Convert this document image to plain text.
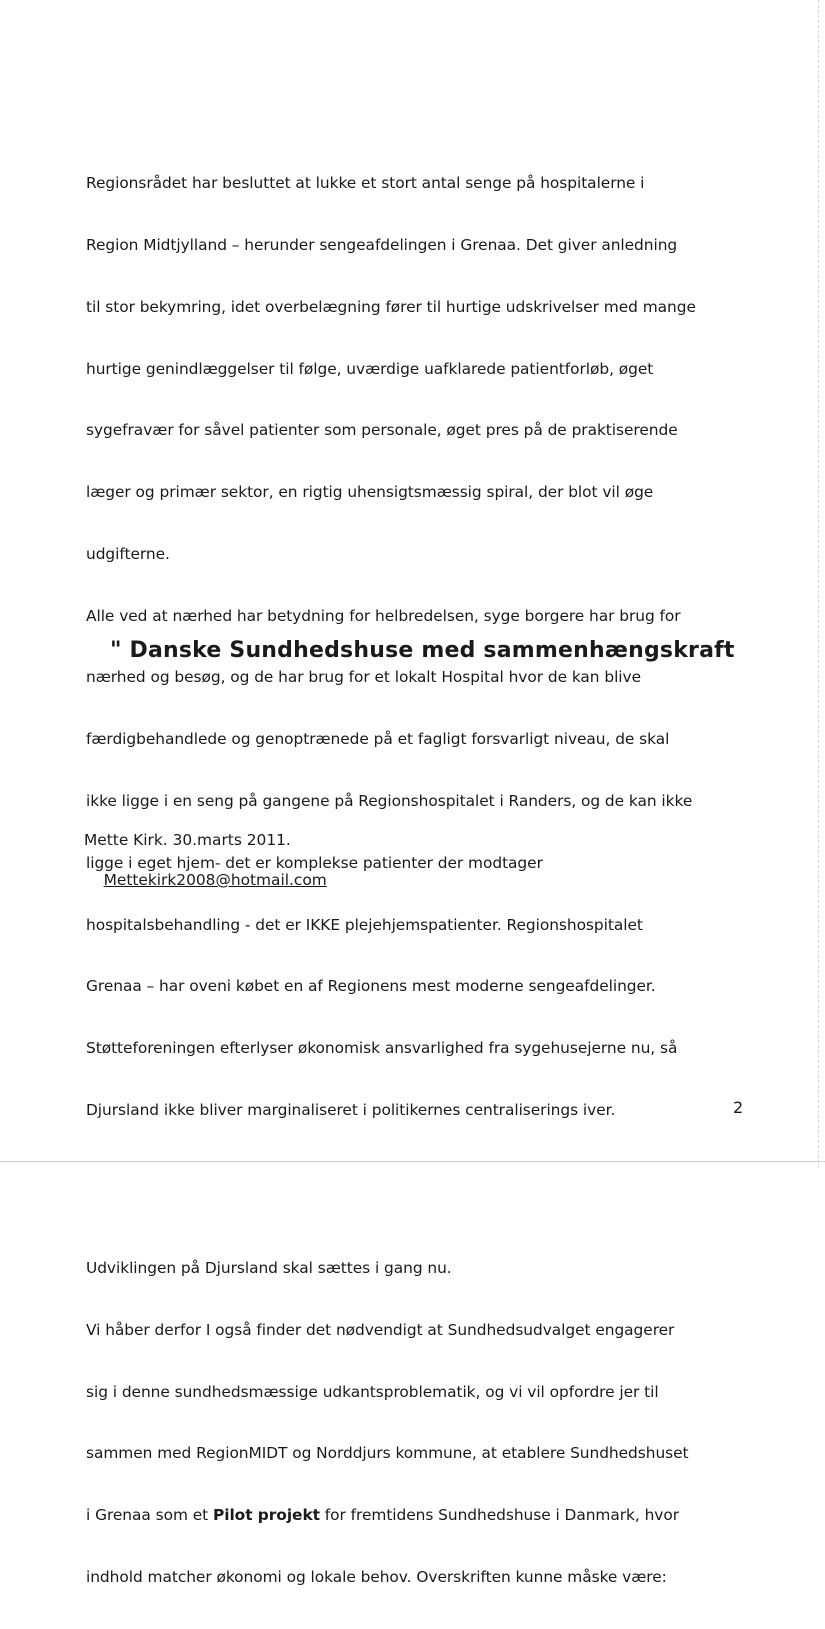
Regionsrådet har besluttet at lukke et stort antal senge på hospitalerne i

Region Midtjylland – herunder sengeafdelingen i Grenaa. Det giver anledning

til stor bekymring, idet overbelægning fører til hurtige udskrivelser med mange

hurtige genindlæggelser til følge, uværdige uafklarede patientforløb, øget

sygefravær for såvel patienter som personale, øget pres på de praktiserende

læger og primær sektor, en rigtig uhensigtsmæssig spiral, der blot vil øge

udgifterne.

Alle ved at nærhed har betydning for helbredelsen, syge borgere har brug for

nærhed og besøg, og de har brug for et lokalt Hospital hvor de kan blive

færdigbehandlede og genoptrænede på et fagligt forsvarligt niveau, de skal

ikke ligge i en seng på gangene på Regionshospitalet i Randers, og de kan ikke

ligge i eget hjem- det er komplekse patienter der modtager

hospitalsbehandling - det er IKKE plejehjemspatienter. Regionshospitalet

Grenaa – har oveni købet en af Regionens mest moderne sengeafdelinger.

Støtteforeningen efterlyser økonomisk ansvarlighed fra sygehusejerne nu, så

Djursland ikke bliver marginaliseret i politikernes centraliserings iver.

Udviklingen på Djursland skal sættes i gang nu.

Vi håber derfor I også finder det nødvendigt at Sundhedsudvalget engagerer

sig i denne sundhedsmæssige udkantsproblematik, og vi vil opfordre jer til

sammen med RegionMIDT og Norddjurs kommune, at etablere Sundhedshuset

i Grenaa som et Pilot projekt for fremtidens Sundhedshuse i Danmark, hvor

indhold matcher økonomi og lokale behov. Overskriften kunne måske være:

" Danske Sundhedshuse med sammenhængskraft

Mette Kirk. 30.marts 2011.

Mettekirk2008@hotmail.com

2
